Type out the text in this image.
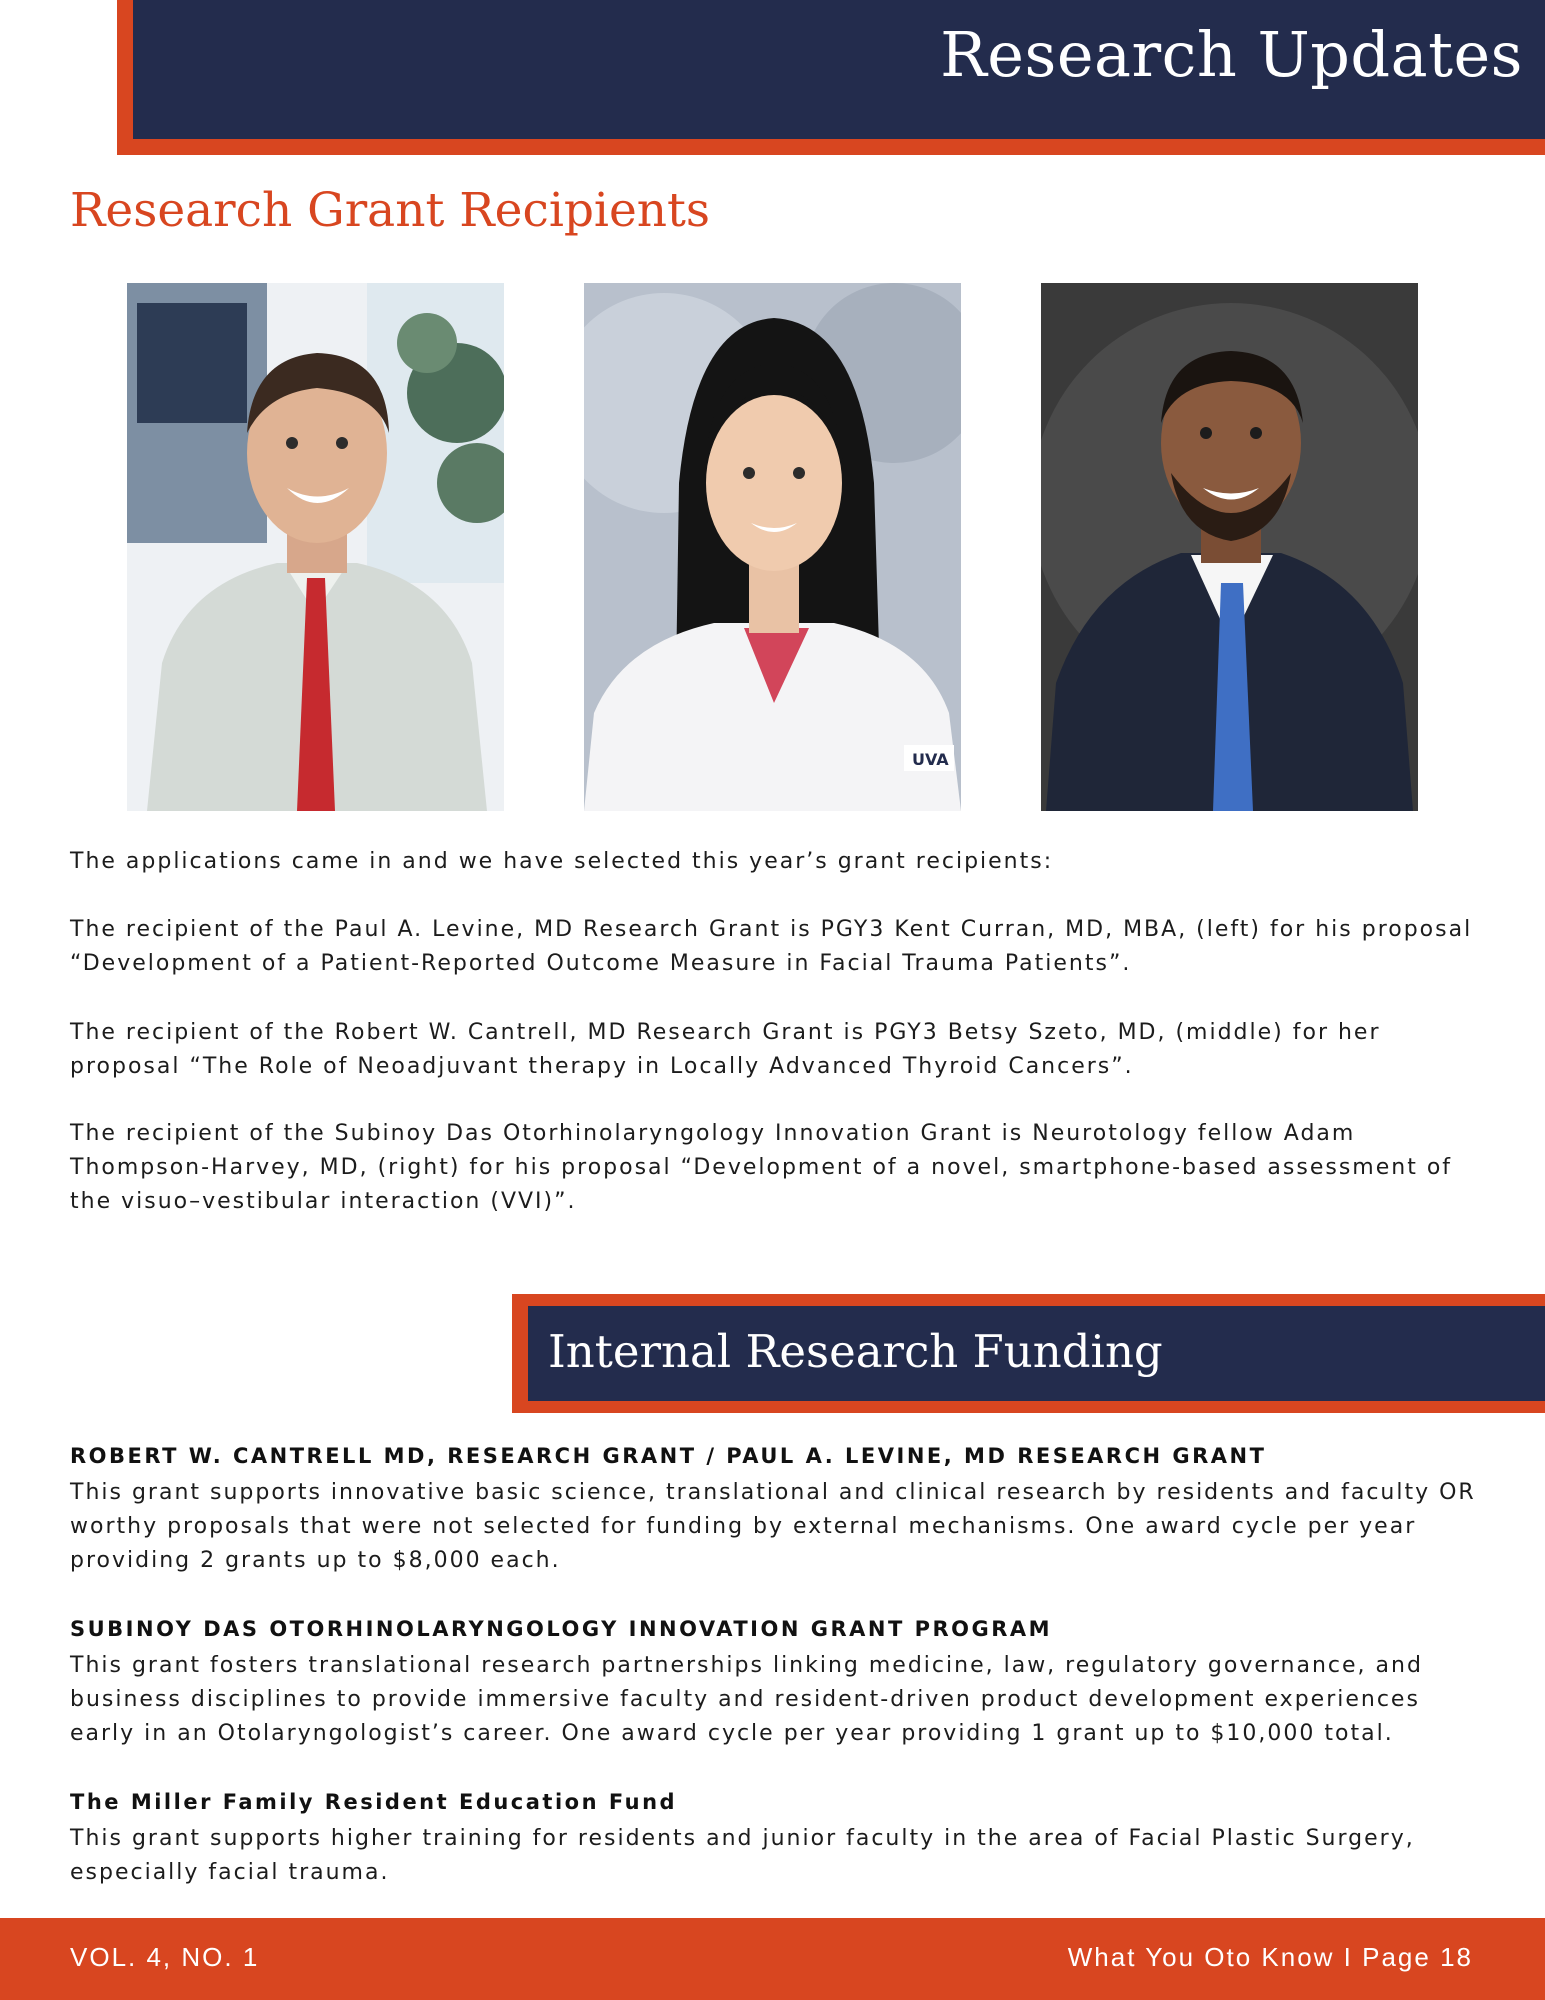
Research Updates
Research Grant Recipients
UVA

The applications came in and we have selected this year’s grant recipients:

The recipient of the Paul A. Levine, MD Research Grant is PGY3 Kent Curran, MD, MBA, (left) for his proposal “Development of a Patient-Reported Outcome Measure in Facial Trauma Patients”.

The recipient of the Robert W. Cantrell, MD Research Grant is PGY3 Betsy Szeto, MD, (middle) for her proposal “The Role of Neoadjuvant therapy in Locally Advanced Thyroid Cancers”.

The recipient of the Subinoy Das Otorhinolaryngology Innovation Grant is Neurotology fellow Adam Thompson-Harvey, MD, (right) for his proposal “Development of a novel, smartphone-based assessment of the visuo–vestibular interaction (VVI)”.

Internal Research Funding
ROBERT W. CANTRELL MD, RESEARCH GRANT / PAUL A. LEVINE, MD RESEARCH GRANT

This grant supports innovative basic science, translational and clinical research by residents and faculty OR worthy proposals that were not selected for funding by external mechanisms. One award cycle per year providing 2 grants up to $8,000 each.

SUBINOY DAS OTORHINOLARYNGOLOGY INNOVATION GRANT PROGRAM

This grant fosters translational research partnerships linking medicine, law, regulatory governance, and business disciplines to provide immersive faculty and resident-driven product development experiences early in an Otolaryngologist’s career. One award cycle per year providing 1 grant up to $10,000 total.

The Miller Family Resident Education Fund

This grant supports higher training for residents and junior faculty in the area of Facial Plastic Surgery, especially facial trauma.

VOL. 4, NO. 1	What You Oto Know I Page 18
